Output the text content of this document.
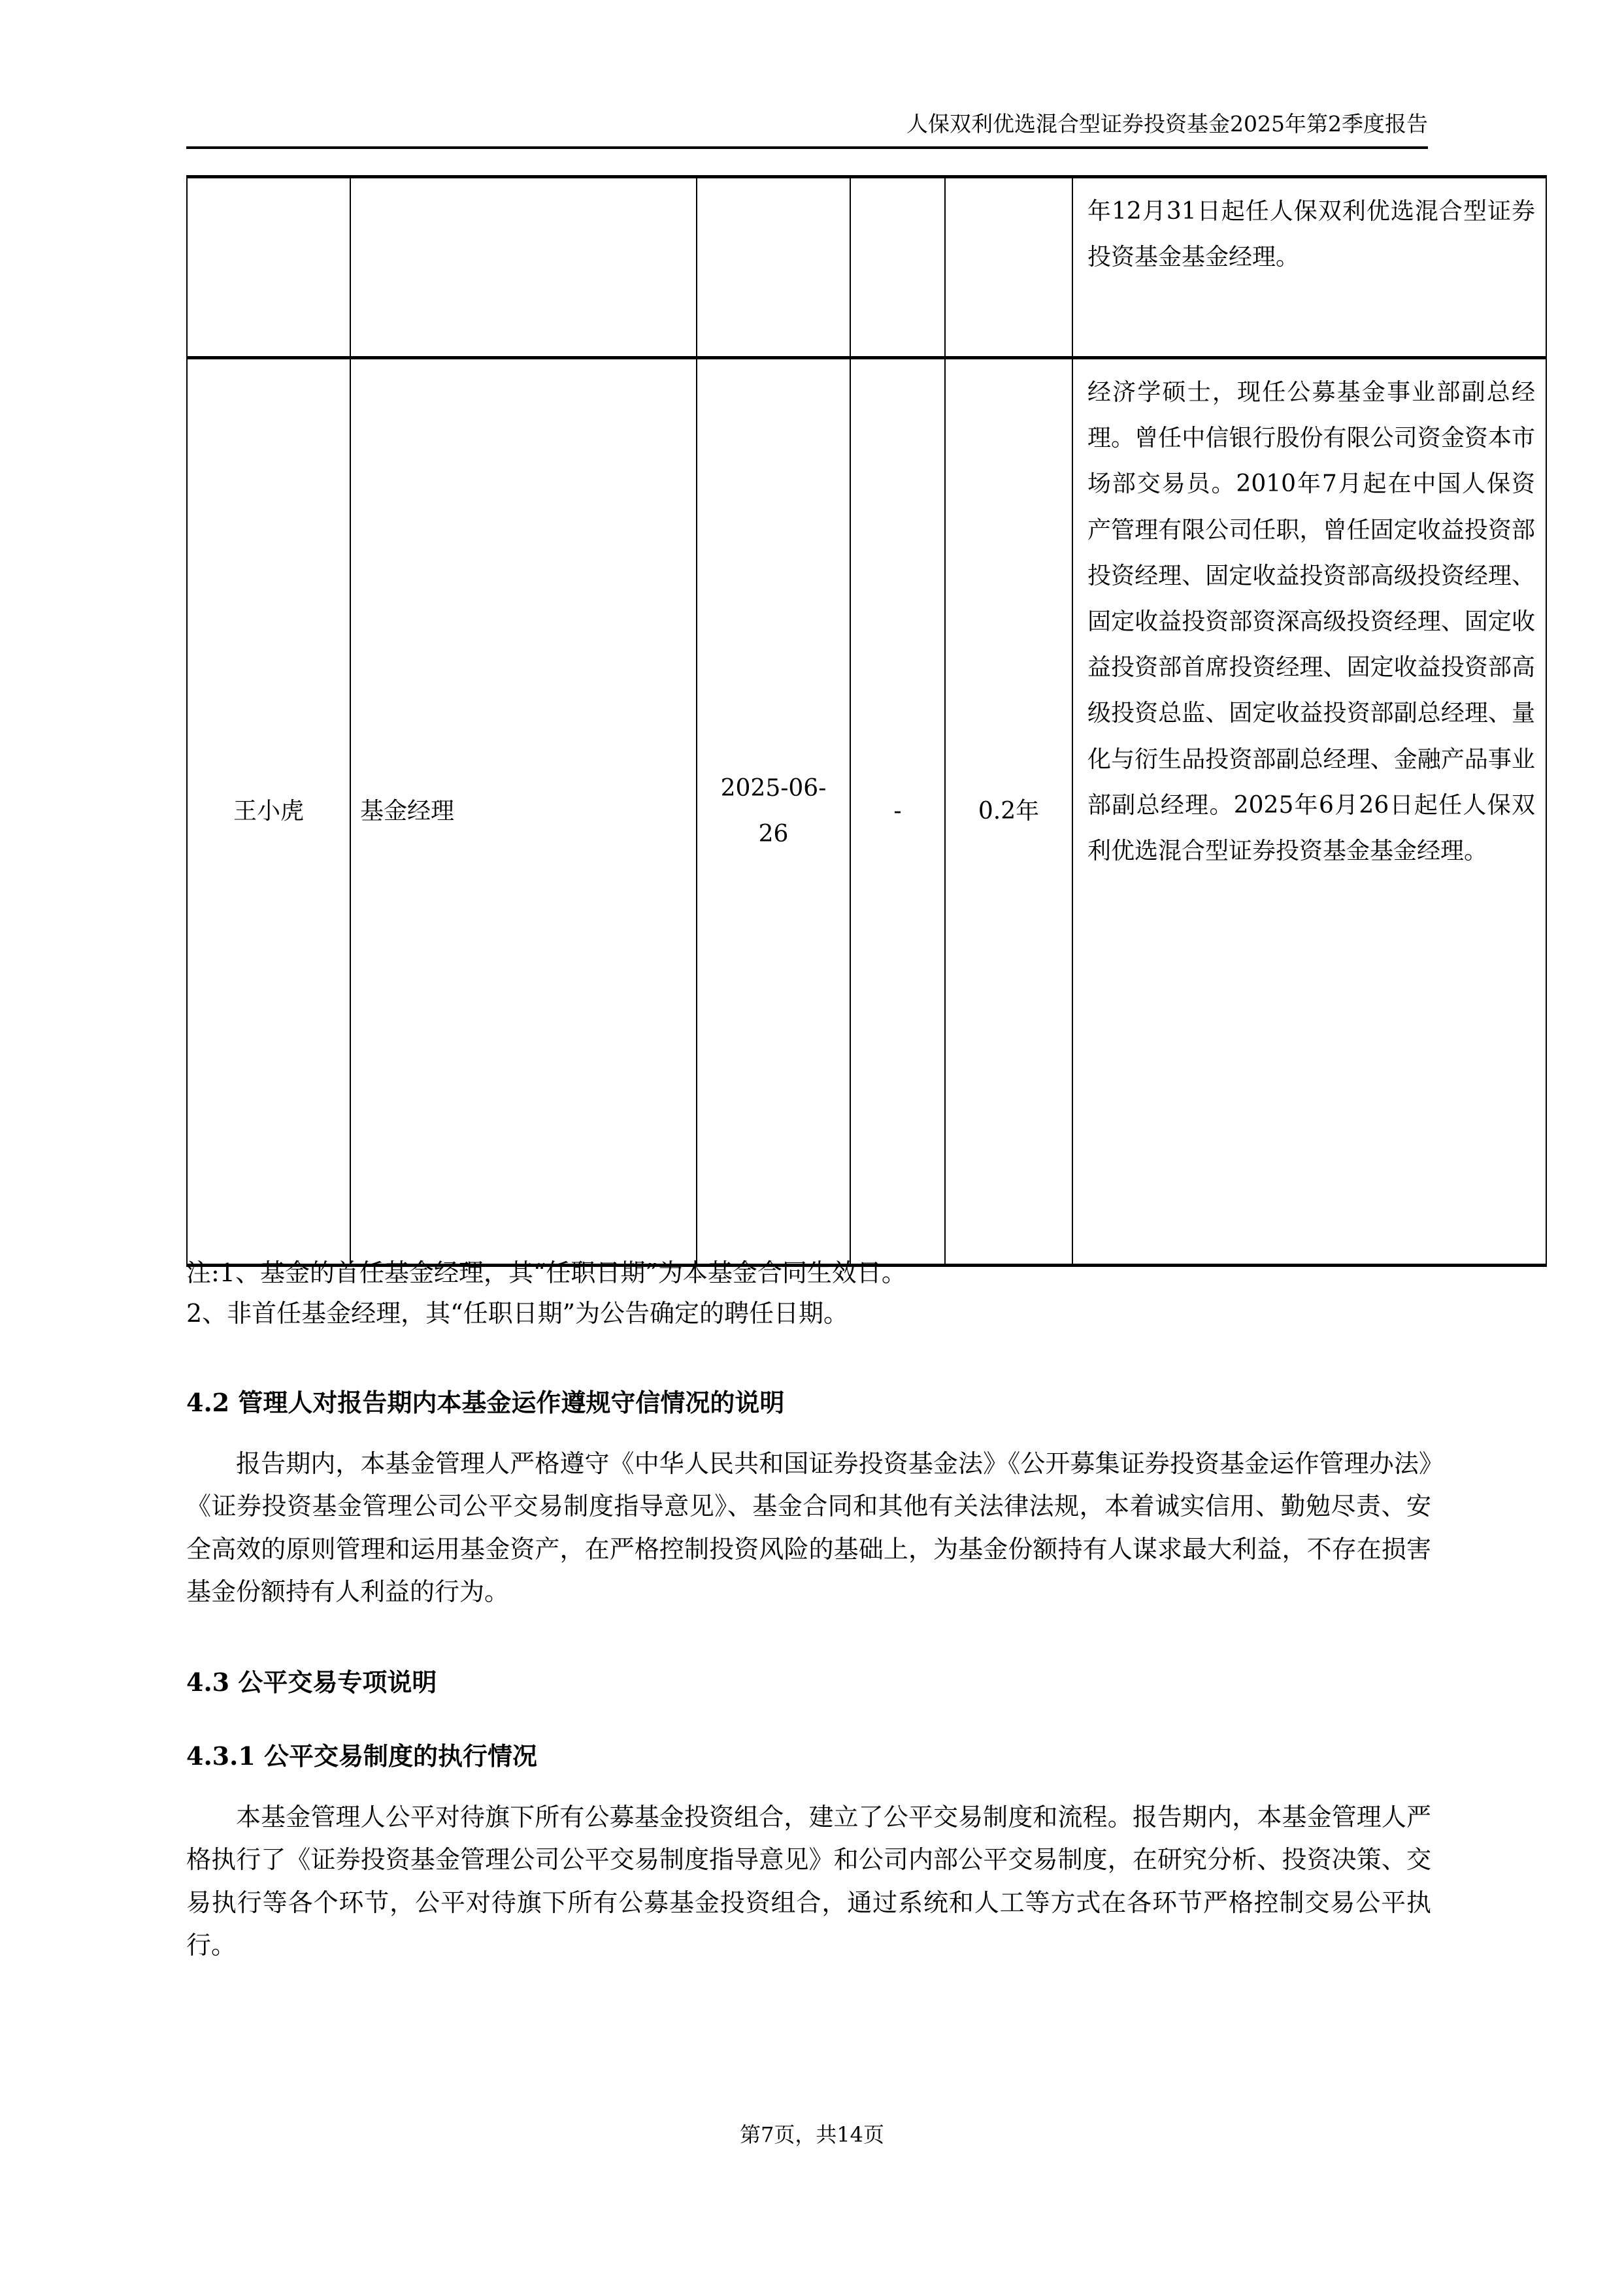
人保双利优选混合型证券投资基金2025年第2季度报告
					年12月31日起任人保双利优选混合型证券投资基金基金经理。
王小虎	基金经理	2025-06-26	-	0.2年	经济学硕士，现任公募基金事业部副总经理。曾任中信银行股份有限公司资金资本市场部交易员。2010年7月起在中国人保资产管理有限公司任职，曾任固定收益投资部投资经理、固定收益投资部高级投资经理、固定收益投资部资深高级投资经理、固定收益投资部首席投资经理、固定收益投资部高级投资总监、固定收益投资部副总经理、量化与衍生品投资部副总经理、金融产品事业部副总经理。2025年6月26日起任人保双利优选混合型证券投资基金基金经理。

注:1、基金的首任基金经理，其“任职日期”为本基金合同生效日。

2、非首任基金经理，其“任职日期”为公告确定的聘任日期。

4.2 管理人对报告期内本基金运作遵规守信情况的说明

报告期内，本基金管理人严格遵守《中华人民共和国证券投资基金法》《公开募集证券投资基金运作管理办法》《证券投资基金管理公司公平交易制度指导意见》、基金合同和其他有关法律法规，本着诚实信用、勤勉尽责、安全高效的原则管理和运用基金资产，在严格控制投资风险的基础上，为基金份额持有人谋求最大利益，不存在损害基金份额持有人利益的行为。

4.3 公平交易专项说明

4.3.1 公平交易制度的执行情况

本基金管理人公平对待旗下所有公募基金投资组合，建立了公平交易制度和流程。报告期内，本基金管理人严格执行了《证券投资基金管理公司公平交易制度指导意见》和公司内部公平交易制度，在研究分析、投资决策、交易执行等各个环节，公平对待旗下所有公募基金投资组合，通过系统和人工等方式在各环节严格控制交易公平执行。

第7页，共14页
